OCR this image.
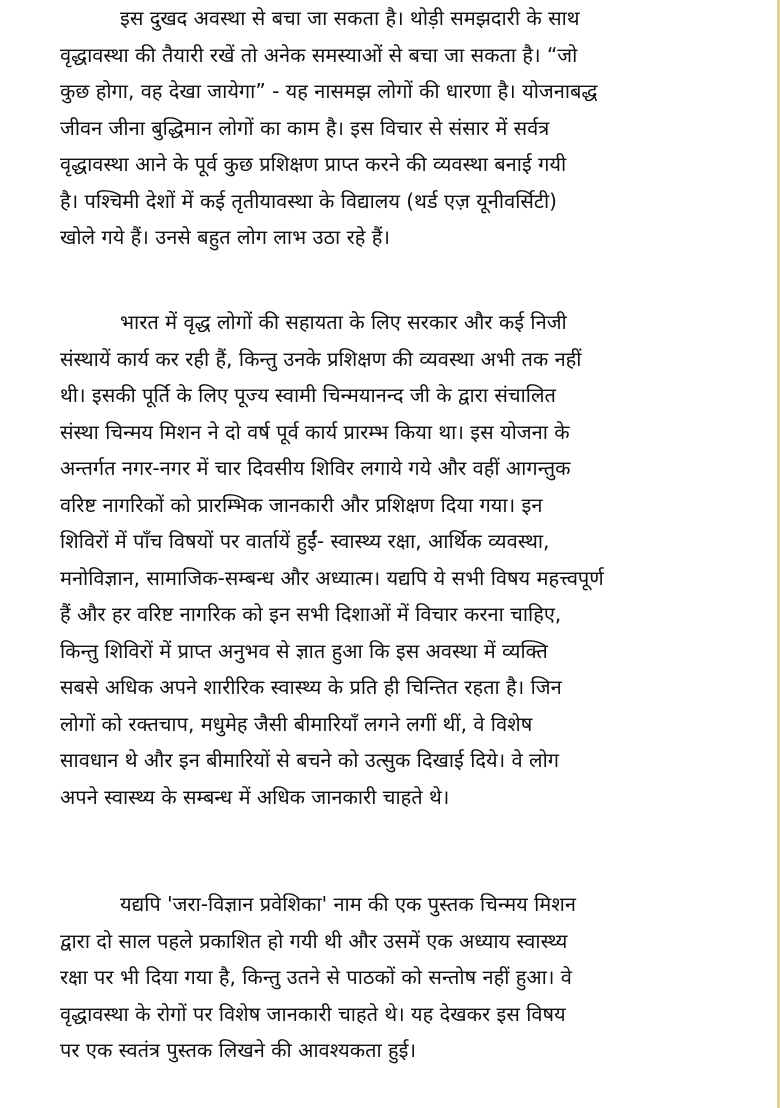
इस दुखद अवस्था से बचा जा सकता है। थोड़ी समझदारी के साथ
वृद्धावस्था की तैयारी रखें तो अनेक समस्याओं से बचा जा सकता है। “जो
कुछ होगा, वह देखा जायेगा” - यह नासमझ लोगों की धारणा है। योजनाबद्ध
जीवन जीना बुद्धिमान लोगों का काम है। इस विचार से संसार में सर्वत्र
वृद्धावस्था आने के पूर्व कुछ प्रशिक्षण प्राप्त करने की व्यवस्था बनाई गयी
है। पश्चिमी देशों में कई तृतीयावस्था के विद्यालय (थर्ड एज़ यूनीवर्सिटी)
खोले गये हैं। उनसे बहुत लोग लाभ उठा रहे हैं।

भारत में वृद्ध लोगों की सहायता के लिए सरकार और कई निजी
संस्थायें कार्य कर रही हैं, किन्तु उनके प्रशिक्षण की व्यवस्था अभी तक नहीं
थी। इसकी पूर्ति के लिए पूज्य स्वामी चिन्मयानन्द जी के द्वारा संचालित
संस्था चिन्मय मिशन ने दो वर्ष पूर्व कार्य प्रारम्भ किया था। इस योजना के
अन्तर्गत नगर-नगर में चार दिवसीय शिविर लगाये गये और वहीं आगन्तुक
वरिष्ट नागरिकों को प्रारम्भिक जानकारी और प्रशिक्षण दिया गया। इन
शिविरों में पाँच विषयों पर वार्तायें हुईं- स्वास्थ्य रक्षा, आर्थिक व्यवस्था,
मनोविज्ञान, सामाजिक-सम्बन्ध और अध्यात्म। यद्यपि ये सभी विषय महत्त्वपूर्ण
हैं और हर वरिष्ट नागरिक को इन सभी दिशाओं में विचार करना चाहिए,
किन्तु शिविरों में प्राप्त अनुभव से ज्ञात हुआ कि इस अवस्था में व्यक्ति
सबसे अधिक अपने शारीरिक स्वास्थ्य के प्रति ही चिन्तित रहता है। जिन
लोगों को रक्तचाप, मधुमेह जैसी बीमारियाँ लगने लगीं थीं, वे विशेष
सावधान थे और इन बीमारियों से बचने को उत्सुक दिखाई दिये। वे लोग
अपने स्वास्थ्य के सम्बन्ध में अधिक जानकारी चाहते थे।

यद्यपि 'जरा-विज्ञान प्रवेशिका' नाम की एक पुस्तक चिन्मय मिशन
द्वारा दो साल पहले प्रकाशित हो गयी थी और उसमें एक अध्याय स्वास्थ्य
रक्षा पर भी दिया गया है, किन्तु उतने से पाठकों को सन्तोष नहीं हुआ। वे
वृद्धावस्था के रोगों पर विशेष जानकारी चाहते थे। यह देखकर इस विषय
पर एक स्वतंत्र पुस्तक लिखने की आवश्यकता हुई।
